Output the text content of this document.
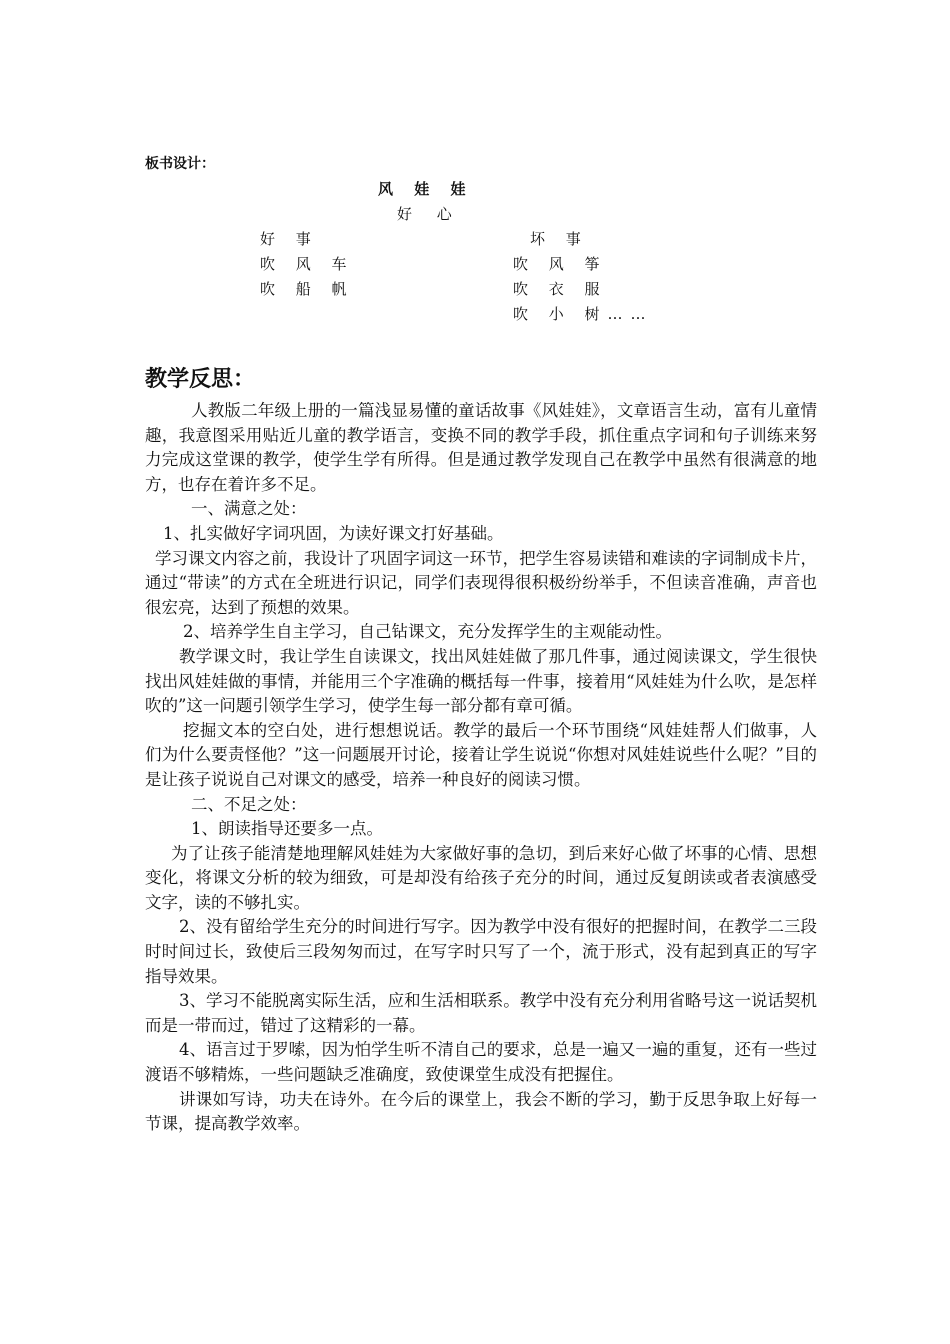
板书设计：
风 娃 娃
好 心
好 事
吹 风 车
吹 船 帆
坏 事
吹 风 筝
吹 衣 服
吹 小 树……
教学反思：

人教版二年级上册的一篇浅显易懂的童话故事《风娃娃》，文章语言生动，富有儿童情趣，我意图采用贴近儿童的教学语言，变换不同的教学手段，抓住重点字词和句子训练来努力完成这堂课的教学，使学生学有所得。但是通过教学发现自己在教学中虽然有很满意的地方，也存在着许多不足。

一、满意之处：

1、扎实做好字词巩固，为读好课文打好基础。

学习课文内容之前，我设计了巩固字词这一环节，把学生容易读错和难读的字词制成卡片，通过“带读”的方式在全班进行识记，同学们表现得很积极纷纷举手，不但读音准确，声音也很宏亮，达到了预想的效果。

2、培养学生自主学习，自己钻课文，充分发挥学生的主观能动性。

教学课文时，我让学生自读课文，找出风娃娃做了那几件事，通过阅读课文，学生很快找出风娃娃做的事情，并能用三个字准确的概括每一件事，接着用“风娃娃为什么吹，是怎样吹的”这一问题引领学生学习，使学生每一部分都有章可循。

挖掘文本的空白处，进行想想说话。教学的最后一个环节围绕“风娃娃帮人们做事，人们为什么要责怪他？”这一问题展开讨论，接着让学生说说“你想对风娃娃说些什么呢？”目的是让孩子说说自己对课文的感受，培养一种良好的阅读习惯。

二、不足之处：

1、朗读指导还要多一点。

为了让孩子能清楚地理解风娃娃为大家做好事的急切，到后来好心做了坏事的心情、思想变化，将课文分析的较为细致，可是却没有给孩子充分的时间，通过反复朗读或者表演感受文字，读的不够扎实。

2、没有留给学生充分的时间进行写字。因为教学中没有很好的把握时间，在教学二三段时时间过长，致使后三段匆匆而过，在写字时只写了一个，流于形式，没有起到真正的写字指导效果。

3、学习不能脱离实际生活，应和生活相联系。教学中没有充分利用省略号这一说话契机而是一带而过，错过了这精彩的一幕。

4、语言过于罗嗦，因为怕学生听不清自己的要求，总是一遍又一遍的重复，还有一些过渡语不够精炼，一些问题缺乏准确度，致使课堂生成没有把握住。

讲课如写诗，功夫在诗外。在今后的课堂上，我会不断的学习，勤于反思争取上好每一节课，提高教学效率。
